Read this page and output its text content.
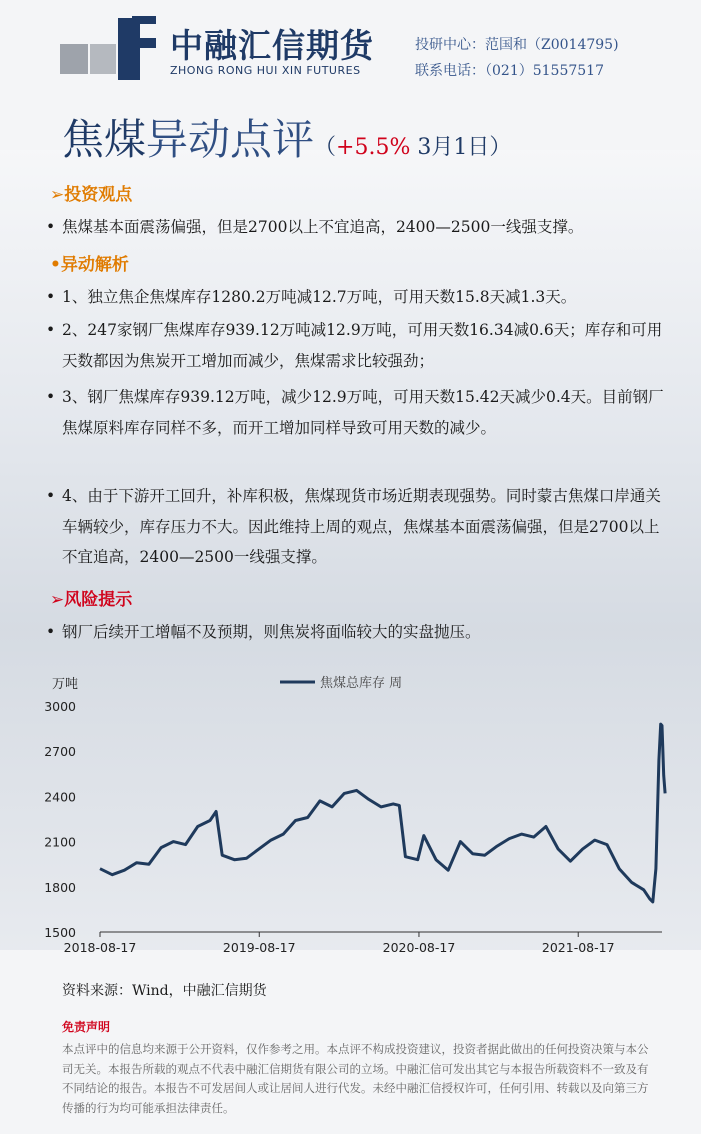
中融汇信期货
ZHONG RONG HUI XIN FUTURES
投研中心：范国和（Z0014795)
联系电话：（021）51557517
焦煤异动点评（+5.5% 3月1日）
➢投资观点
• 焦煤基本面震荡偏强，但是2700以上不宜追高，2400—2500一线强支撑。
•异动解析
• 1、独立焦企焦煤库存1280.2万吨减12.7万吨，可用天数15.8天减1.3天。
• 2、247家钢厂焦煤库存939.12万吨减12.9万吨，可用天数16.34减0.6天；库存和可用天数都因为焦炭开工增加而减少，焦煤需求比较强劲；
• 3、钢厂焦煤库存939.12万吨，减少12.9万吨，可用天数15.42天减少0.4天。目前钢厂焦煤原料库存同样不多，而开工增加同样导致可用天数的减少。
• 4、由于下游开工回升，补库积极，焦煤现货市场近期表现强势。同时蒙古焦煤口岸通关车辆较少，库存压力不大。因此维持上周的观点，焦煤基本面震荡偏强，但是2700以上不宜追高，2400—2500一线强支撑。
➢风险提示
• 钢厂后续开工增幅不及预期，则焦炭将面临较大的实盘抛压。
万吨	焦煤总库存 周
1500
1800
2100
2400
2700
3000
2018-08-17	2019-08-17	2020-08-17	2021-08-17
资料来源：Wind，中融汇信期货
免责声明
本点评中的信息均来源于公开资料，仅作参考之用。本点评不构成投资建议，投资者据此做出的任何投资决策与本公司无关。本报告所载的观点不代表中融汇信期货有限公司的立场。中融汇信可发出其它与本报告所载资料不一致及有不同结论的报告。本报告不可发居间人或让居间人进行代发。未经中融汇信授权许可，任何引用、转载以及向第三方传播的行为均可能承担法律责任。
